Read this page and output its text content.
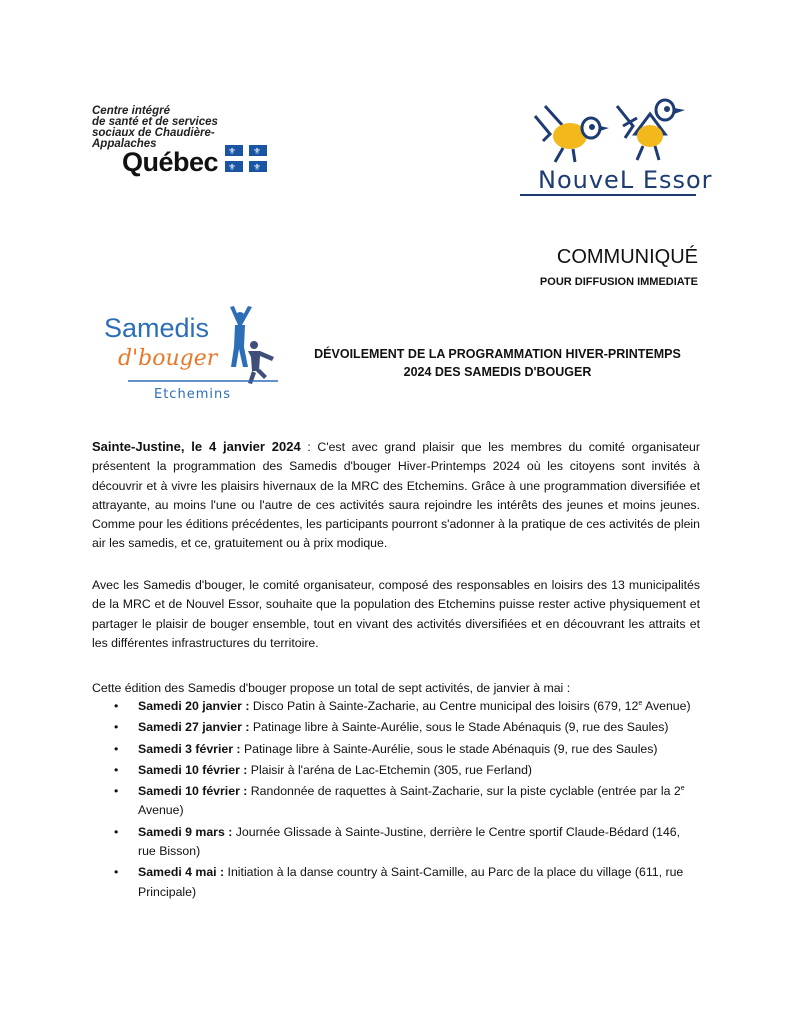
Centre intégré
de santé et de services
sociaux de Chaudière-
Appalaches
Québec ⚜ ⚜
⚜ ⚜	NouveL Essor
COMMUNIQUÉ
POUR DIFFUSION IMMEDIATE
Samedis
d'bouger
Etchemins
DÉVOILEMENT DE LA PROGRAMMATION HIVER-PRINTEMPS
2024 DES SAMEDIS D'BOUGER
Sainte-Justine, le 4 janvier 2024 : C'est avec grand plaisir que les membres du comité organisateur présentent la programmation des Samedis d'bouger Hiver-Printemps 2024 où les citoyens sont invités à découvrir et à vivre les plaisirs hivernaux de la MRC des Etchemins. Grâce à une programmation diversifiée et attrayante, au moins l'une ou l'autre de ces activités saura rejoindre les intérêts des jeunes et moins jeunes. Comme pour les éditions précédentes, les participants pourront s'adonner à la pratique de ces activités de plein air les samedis, et ce, gratuitement ou à prix modique.
Avec les Samedis d'bouger, le comité organisateur, composé des responsables en loisirs des 13 municipalités de la MRC et de Nouvel Essor, souhaite que la population des Etchemins puisse rester active physiquement et partager le plaisir de bouger ensemble, tout en vivant des activités diversifiées et en découvrant les attraits et les différentes infrastructures du territoire.
Cette édition des Samedis d'bouger propose un total de sept activités, de janvier à mai :
• Samedi 20 janvier : Disco Patin à Sainte-Zacharie, au Centre municipal des loisirs (679, 12e Avenue)
• Samedi 27 janvier : Patinage libre à Sainte-Aurélie, sous le Stade Abénaquis (9, rue des Saules)
• Samedi 3 février : Patinage libre à Sainte-Aurélie, sous le stade Abénaquis (9, rue des Saules)
• Samedi 10 février : Plaisir à l'aréna de Lac-Etchemin (305, rue Ferland)
• Samedi 10 février : Randonnée de raquettes à Saint-Zacharie, sur la piste cyclable (entrée par la 2e Avenue)
• Samedi 9 mars : Journée Glissade à Sainte-Justine, derrière le Centre sportif Claude-Bédard (146, rue Bisson)
• Samedi 4 mai : Initiation à la danse country à Saint-Camille, au Parc de la place du village (611, rue Principale)
